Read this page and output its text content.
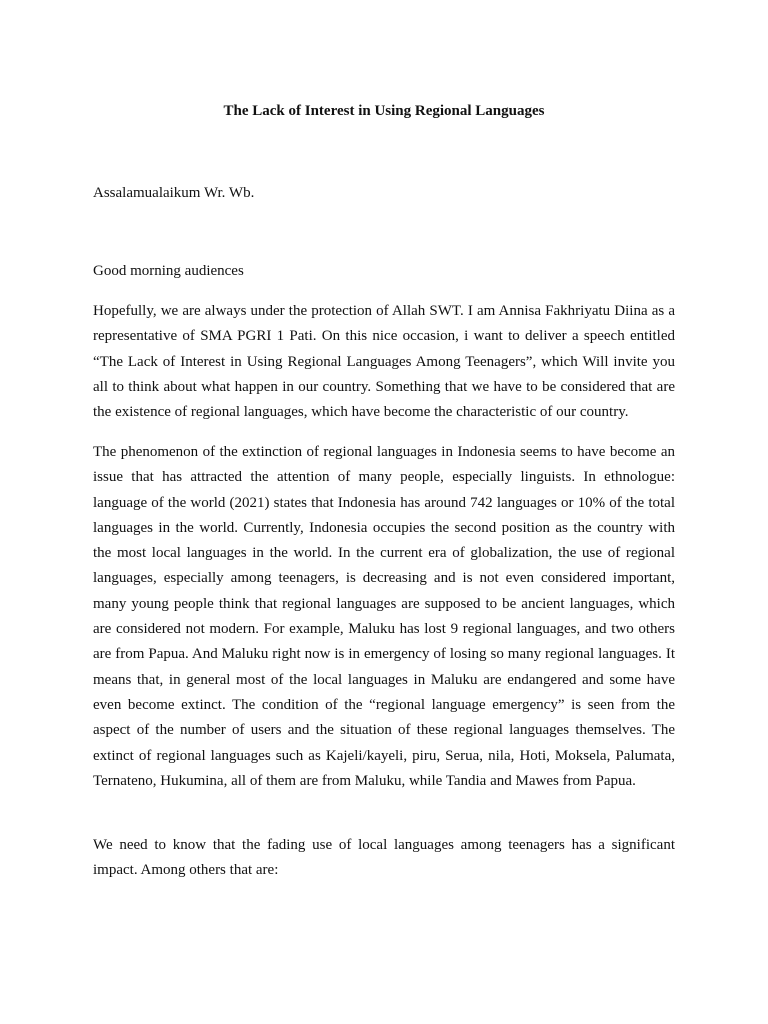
The Lack of Interest in Using Regional Languages

Assalamualaikum Wr. Wb.

Good morning audiences

Hopefully, we are always under the protection of Allah SWT. I am Annisa Fakhriyatu Diina as a representative of SMA PGRI 1 Pati. On this nice occasion, i want to deliver a speech entitled “The Lack of Interest in Using Regional Languages Among Teenagers”, which Will invite you all to think about what happen in our country. Something that we have to be considered that are the existence of regional languages, which have become the characteristic of our country.

The phenomenon of the extinction of regional languages in Indonesia seems to have become an issue that has attracted the attention of many people, especially linguists. In ethnologue: language of the world (2021) states that Indonesia has around 742 languages or 10% of the total languages in the world. Currently, Indonesia occupies the second position as the country with the most local languages in the world. In the current era of globalization, the use of regional languages, especially among teenagers, is decreasing and is not even considered important, many young people think that regional languages are supposed to be ancient languages, which are considered not modern. For example, Maluku has lost 9 regional languages, and two others are from Papua. And Maluku right now is in emergency of losing so many regional languages. It means that, in general most of the local languages in Maluku are endangered and some have even become extinct. The condition of the “regional language emergency” is seen from the aspect of the number of users and the situation of these regional languages themselves. The extinct of regional languages such as Kajeli/kayeli, piru, Serua, nila, Hoti, Moksela, Palumata, Ternateno, Hukumina, all of them are from Maluku, while Tandia and Mawes from Papua.

We need to know that the fading use of local languages among teenagers has a significant impact. Among others that are:
